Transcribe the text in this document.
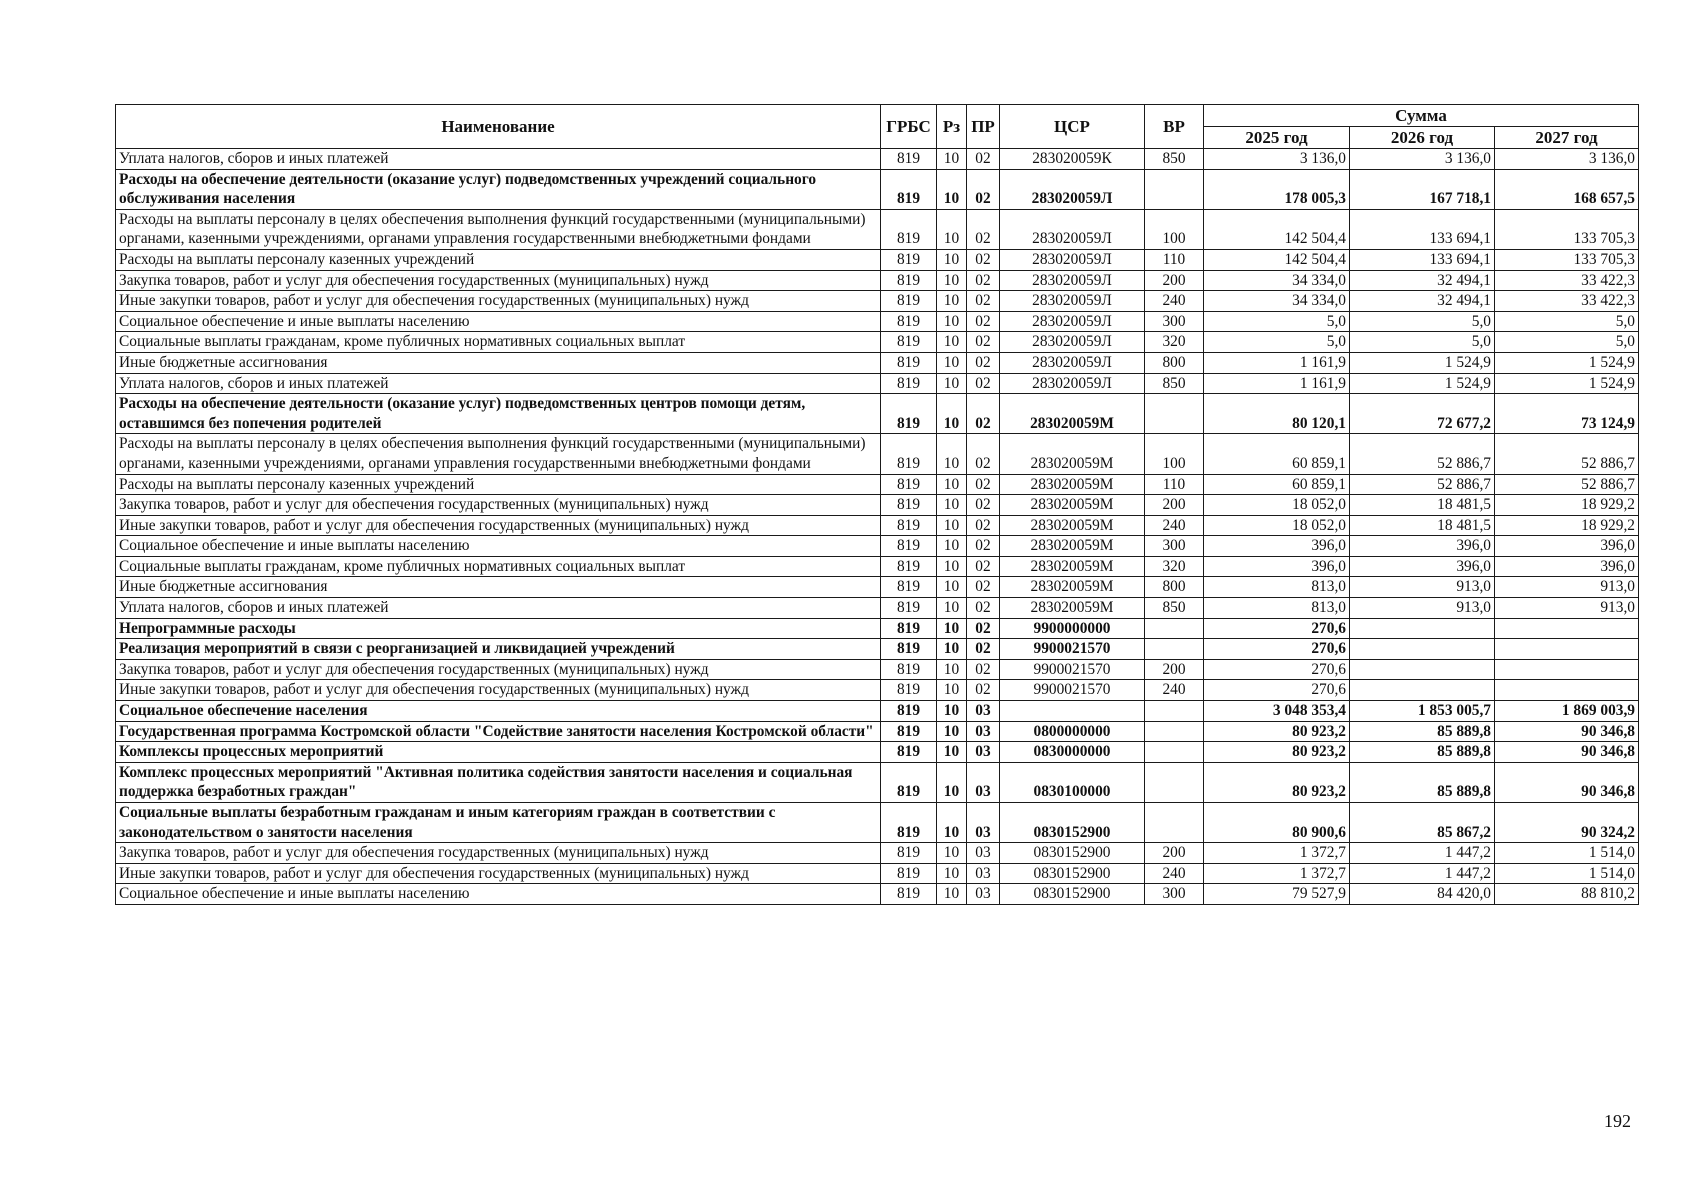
Наименование	ГРБС	Рз	ПР	ЦСР	ВР	Сумма		
						2025 год	2026 год	2027 год
Уплата налогов, сборов и иных платежей	819	10	02	283020059К	850	3 136,0	3 136,0	3 136,0
Расходы на обеспечение деятельности (оказание услуг) подведомственных учреждений социального обслуживания населения	819	10	02	283020059Л		178 005,3	167 718,1	168 657,5
Расходы на выплаты персоналу в целях обеспечения выполнения функций государственными (муниципальными) органами, казенными учреждениями, органами управления государственными внебюджетными фондами	819	10	02	283020059Л	100	142 504,4	133 694,1	133 705,3
Расходы на выплаты персоналу казенных учреждений	819	10	02	283020059Л	110	142 504,4	133 694,1	133 705,3
Закупка товаров, работ и услуг для обеспечения государственных (муниципальных) нужд	819	10	02	283020059Л	200	34 334,0	32 494,1	33 422,3
Иные закупки товаров, работ и услуг для обеспечения государственных (муниципальных) нужд	819	10	02	283020059Л	240	34 334,0	32 494,1	33 422,3
Социальное обеспечение и иные выплаты населению	819	10	02	283020059Л	300	5,0	5,0	5,0
Социальные выплаты гражданам, кроме публичных нормативных социальных выплат	819	10	02	283020059Л	320	5,0	5,0	5,0
Иные бюджетные ассигнования	819	10	02	283020059Л	800	1 161,9	1 524,9	1 524,9
Уплата налогов, сборов и иных платежей	819	10	02	283020059Л	850	1 161,9	1 524,9	1 524,9
Расходы на обеспечение деятельности (оказание услуг) подведомственных центров помощи детям, оставшимся без попечения родителей	819	10	02	283020059М		80 120,1	72 677,2	73 124,9
Расходы на выплаты персоналу в целях обеспечения выполнения функций государственными (муниципальными) органами, казенными учреждениями, органами управления государственными внебюджетными фондами	819	10	02	283020059М	100	60 859,1	52 886,7	52 886,7
Расходы на выплаты персоналу казенных учреждений	819	10	02	283020059М	110	60 859,1	52 886,7	52 886,7
Закупка товаров, работ и услуг для обеспечения государственных (муниципальных) нужд	819	10	02	283020059М	200	18 052,0	18 481,5	18 929,2
Иные закупки товаров, работ и услуг для обеспечения государственных (муниципальных) нужд	819	10	02	283020059М	240	18 052,0	18 481,5	18 929,2
Социальное обеспечение и иные выплаты населению	819	10	02	283020059М	300	396,0	396,0	396,0
Социальные выплаты гражданам, кроме публичных нормативных социальных выплат	819	10	02	283020059М	320	396,0	396,0	396,0
Иные бюджетные ассигнования	819	10	02	283020059М	800	813,0	913,0	913,0
Уплата налогов, сборов и иных платежей	819	10	02	283020059М	850	813,0	913,0	913,0
Непрограммные расходы	819	10	02	9900000000		270,6		
Реализация мероприятий в связи с реорганизацией и ликвидацией учреждений	819	10	02	9900021570		270,6		
Закупка товаров, работ и услуг для обеспечения государственных (муниципальных) нужд	819	10	02	9900021570	200	270,6		
Иные закупки товаров, работ и услуг для обеспечения государственных (муниципальных) нужд	819	10	02	9900021570	240	270,6		
Социальное обеспечение населения	819	10	03			3 048 353,4	1 853 005,7	1 869 003,9
Государственная программа Костромской области "Содействие занятости населения Костромской области"	819	10	03	0800000000		80 923,2	85 889,8	90 346,8
Комплексы процессных мероприятий	819	10	03	0830000000		80 923,2	85 889,8	90 346,8
Комплекс процессных мероприятий "Активная политика содействия занятости населения и социальная поддержка безработных граждан"	819	10	03	0830100000		80 923,2	85 889,8	90 346,8
Социальные выплаты безработным гражданам и иным категориям граждан в соответствии с законодательством о занятости населения	819	10	03	0830152900		80 900,6	85 867,2	90 324,2
Закупка товаров, работ и услуг для обеспечения государственных (муниципальных) нужд	819	10	03	0830152900	200	1 372,7	1 447,2	1 514,0
Иные закупки товаров, работ и услуг для обеспечения государственных (муниципальных) нужд	819	10	03	0830152900	240	1 372,7	1 447,2	1 514,0
Социальное обеспечение и иные выплаты населению	819	10	03	0830152900	300	79 527,9	84 420,0	88 810,2
192
